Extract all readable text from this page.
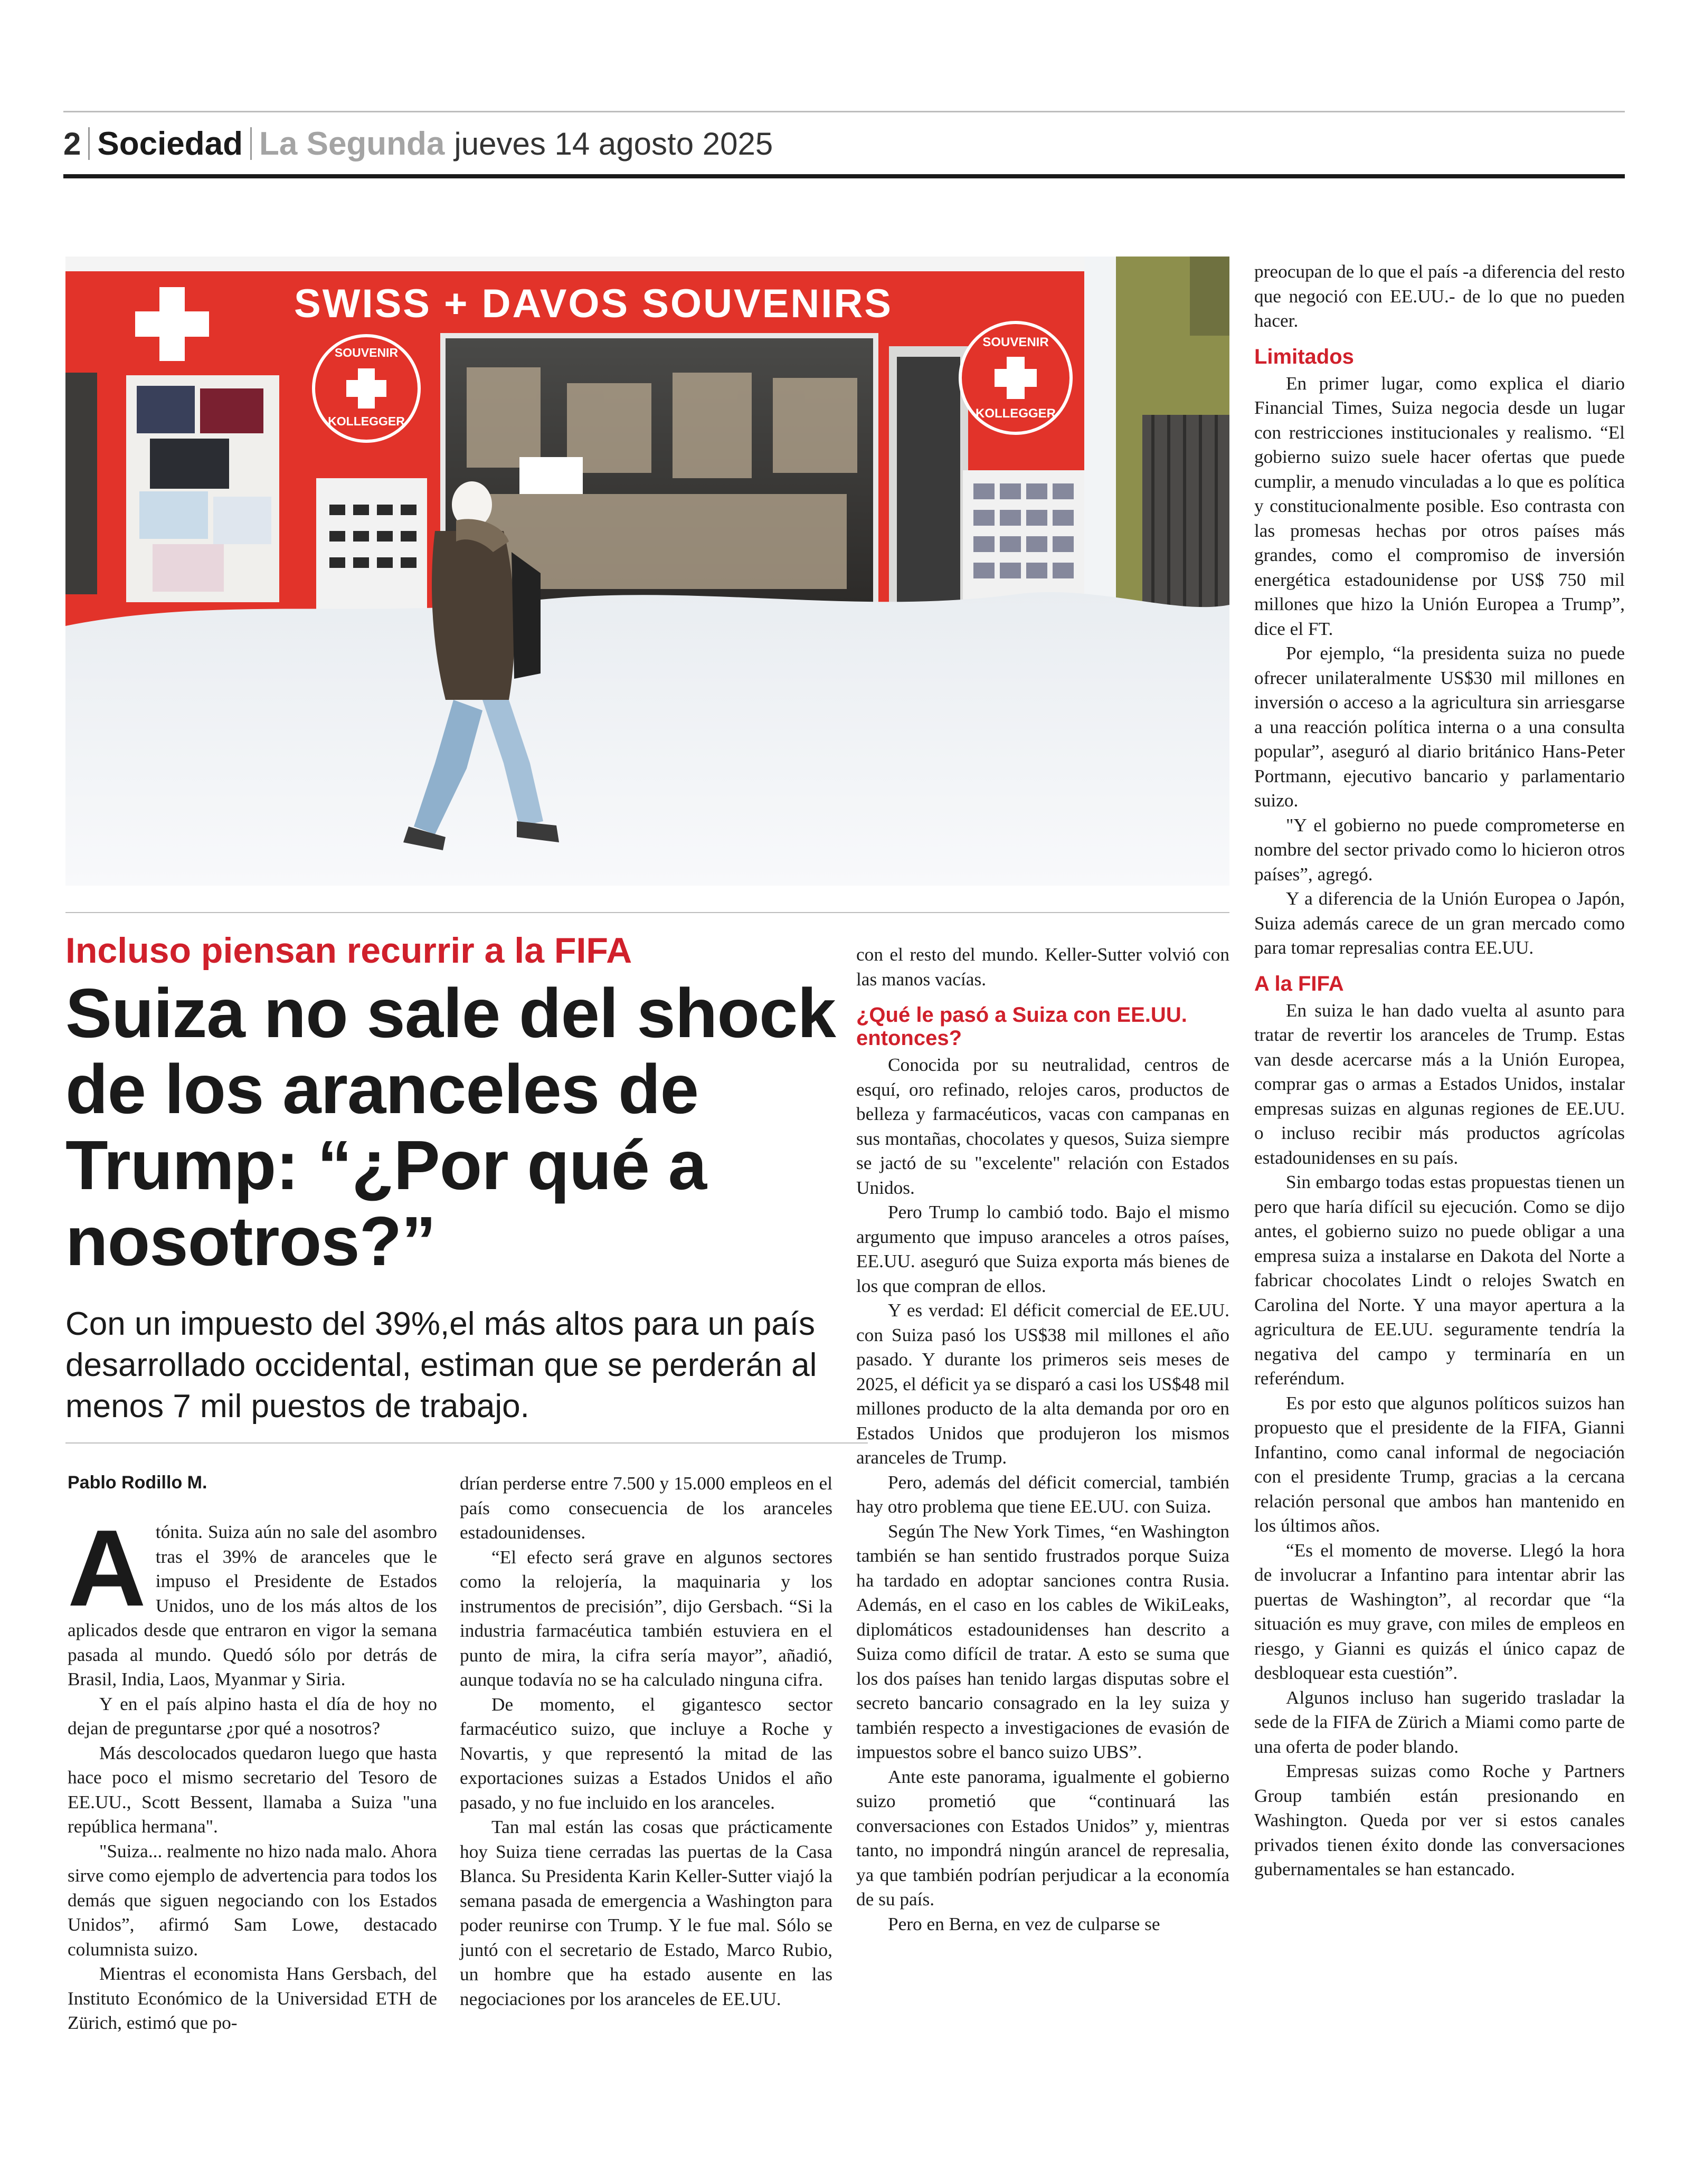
2 Sociedad La Segunda jueves 14 agosto 2025
SWISS + DAVOS SOUVENIRS
SOUVENIR
KOLLEGGER
SOUVENIR
KOLLEGGER
Incluso piensan recurrir a la FIFA
Suiza no sale del shock de los aranceles de Trump: “¿Por qué a nosotros?”
Con un impuesto del 39%,el más altos para un país desarrollado occidental, estiman que se perderán al menos 7 mil puestos de trabajo.
Pablo Rodillo M.

Atónita. Suiza aún no sale del asombro tras el 39% de aranceles que le impuso el Presidente de Estados Unidos, uno de los más altos de los aplicados desde que entraron en vigor la semana pasada al mundo. Quedó sólo por detrás de Brasil, India, Laos, Myanmar y Siria.

Y en el país alpino hasta el día de hoy no dejan de preguntarse ¿por qué a nosotros?

Más descolocados quedaron luego que hasta hace poco el mismo secretario del Tesoro de EE.UU., Scott Bessent, llamaba a Suiza "una república hermana".

"Suiza... realmente no hizo nada malo. Ahora sirve como ejemplo de advertencia para todos los demás que siguen negociando con los Estados Unidos”, afirmó Sam Lowe, destacado columnista suizo.

Mientras el economista Hans Gersbach, del Instituto Económico de la Universidad ETH de Zürich, estimó que po-

drían perderse entre 7.500 y 15.000 empleos en el país como consecuencia de los aranceles estadounidenses.

“El efecto será grave en algunos sectores como la relojería, la maquinaria y los instrumentos de precisión”, dijo Gersbach. “Si la industria farmacéutica también estuviera en el punto de mira, la cifra sería mayor”, añadió, aunque todavía no se ha calculado ninguna cifra.

De momento, el gigantesco sector farmacéutico suizo, que incluye a Roche y Novartis, y que representó la mitad de las exportaciones suizas a Estados Unidos el año pasado, y no fue incluido en los aranceles.

Tan mal están las cosas que prácticamente hoy Suiza tiene cerradas las puertas de la Casa Blanca. Su Presidenta Karin Keller-Sutter viajó la semana pasada de emergencia a Washington para poder reunirse con Trump. Y le fue mal. Sólo se juntó con el secretario de Estado, Marco Rubio, un hombre que ha estado ausente en las negociaciones por los aranceles de EE.UU.

con el resto del mundo. Keller-Sutter volvió con las manos vacías.

¿Qué le pasó a Suiza con EE.UU. entonces?

Conocida por su neutralidad, centros de esquí, oro refinado, relojes caros, productos de belleza y farmacéuticos, vacas con campanas en sus montañas, chocolates y quesos, Suiza siempre se jactó de su "excelente" relación con Estados Unidos.

Pero Trump lo cambió todo. Bajo el mismo argumento que impuso aranceles a otros países, EE.UU. aseguró que Suiza exporta más bienes de los que compran de ellos.

Y es verdad: El déficit comercial de EE.UU. con Suiza pasó los US$38 mil millones el año pasado. Y durante los primeros seis meses de 2025, el déficit ya se disparó a casi los US$48 mil millones producto de la alta demanda por oro en Estados Unidos que produjeron los mismos aranceles de Trump.

Pero, además del déficit comercial, también hay otro problema que tiene EE.UU. con Suiza.

Según The New York Times, “en Washington también se han sentido frustrados porque Suiza ha tardado en adoptar sanciones contra Rusia. Además, en el caso en los cables de WikiLeaks, diplomáticos estadounidenses han descrito a Suiza como difícil de tratar. A esto se suma que los dos países han tenido largas disputas sobre el secreto bancario consagrado en la ley suiza y también respecto a investigaciones de evasión de impuestos sobre el banco suizo UBS”.

Ante este panorama, igualmente el gobierno suizo prometió que “continuará las conversaciones con Estados Unidos” y, mientras tanto, no impondrá ningún arancel de represalia, ya que también podrían perjudicar a la economía de su país.

Pero en Berna, en vez de culparse se

preocupan de lo que el país -a diferencia del resto que negoció con EE.UU.- de lo que no pueden hacer.

Limitados

En primer lugar, como explica el diario Financial Times, Suiza negocia desde un lugar con restricciones institucionales y realismo. “El gobierno suizo suele hacer ofertas que puede cumplir, a menudo vinculadas a lo que es política y constitucionalmente posible. Eso contrasta con las promesas hechas por otros países más grandes, como el compromiso de inversión energética estadounidense por US$ 750 mil millones que hizo la Unión Europea a Trump”, dice el FT.

Por ejemplo, “la presidenta suiza no puede ofrecer unilateralmente US$30 mil millones en inversión o acceso a la agricultura sin arriesgarse a una reacción política interna o a una consulta popular”, aseguró al diario británico Hans-Peter Portmann, ejecutivo bancario y parlamentario suizo.

"Y el gobierno no puede comprometerse en nombre del sector privado como lo hicieron otros países”, agregó.

Y a diferencia de la Unión Europea o Japón, Suiza además carece de un gran mercado como para tomar represalias contra EE.UU.

A la FIFA

En suiza le han dado vuelta al asunto para tratar de revertir los aranceles de Trump. Estas van desde acercarse más a la Unión Europea, comprar gas o armas a Estados Unidos, instalar empresas suizas en algunas regiones de EE.UU. o incluso recibir más productos agrícolas estadounidenses en su país.

Sin embargo todas estas propuestas tienen un pero que haría difícil su ejecución. Como se dijo antes, el gobierno suizo no puede obligar a una empresa suiza a instalarse en Dakota del Norte a fabricar chocolates Lindt o relojes Swatch en Carolina del Norte. Y una mayor apertura a la agricultura de EE.UU. seguramente tendría la negativa del campo y terminaría en un referéndum.

Es por esto que algunos políticos suizos han propuesto que el presidente de la FIFA, Gianni Infantino, como canal informal de negociación con el presidente Trump, gracias a la cercana relación personal que ambos han mantenido en los últimos años.

“Es el momento de moverse. Llegó la hora de involucrar a Infantino para intentar abrir las puertas de Washington”, al recordar que “la situación es muy grave, con miles de empleos en riesgo, y Gianni es quizás el único capaz de desbloquear esta cuestión”.

Algunos incluso han sugerido trasladar la sede de la FIFA de Zürich a Miami como parte de una oferta de poder blando.

Empresas suizas como Roche y Partners Group también están presionando en Washington. Queda por ver si estos canales privados tienen éxito donde las conversaciones gubernamentales se han estancado.
